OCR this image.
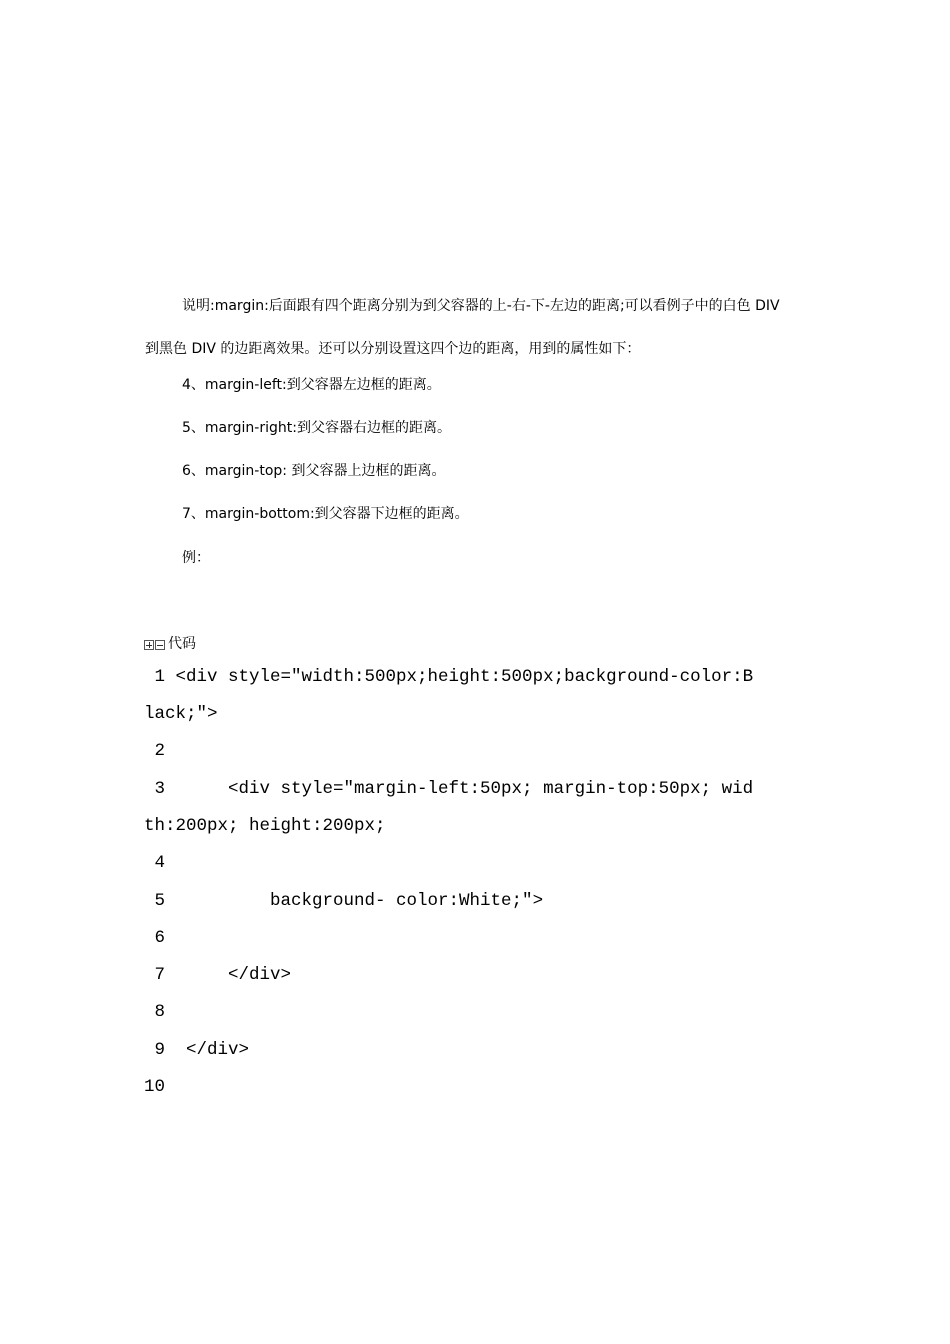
说明:margin:后面跟有四个距离分别为到父容器的上-右-下-左边的距离;可以看例子中的白色 DIV
到黑色 DIV 的边距离效果。还可以分别设置这四个边的距离，用到的属性如下：
4、margin-left:到父容器左边框的距离。
5、margin-right:到父容器右边框的距离。
6、margin-top: 到父容器上边框的距离。
7、margin-bottom:到父容器下边框的距离。
例：
代码
1 <div style="width:500px;height:500px;background-color:B
lack;">
2
3      <div style="margin-left:50px; margin-top:50px; wid
th:200px; height:200px;
4
5          background- color:White;">
6
7      </div>
8
9  </div>
10
